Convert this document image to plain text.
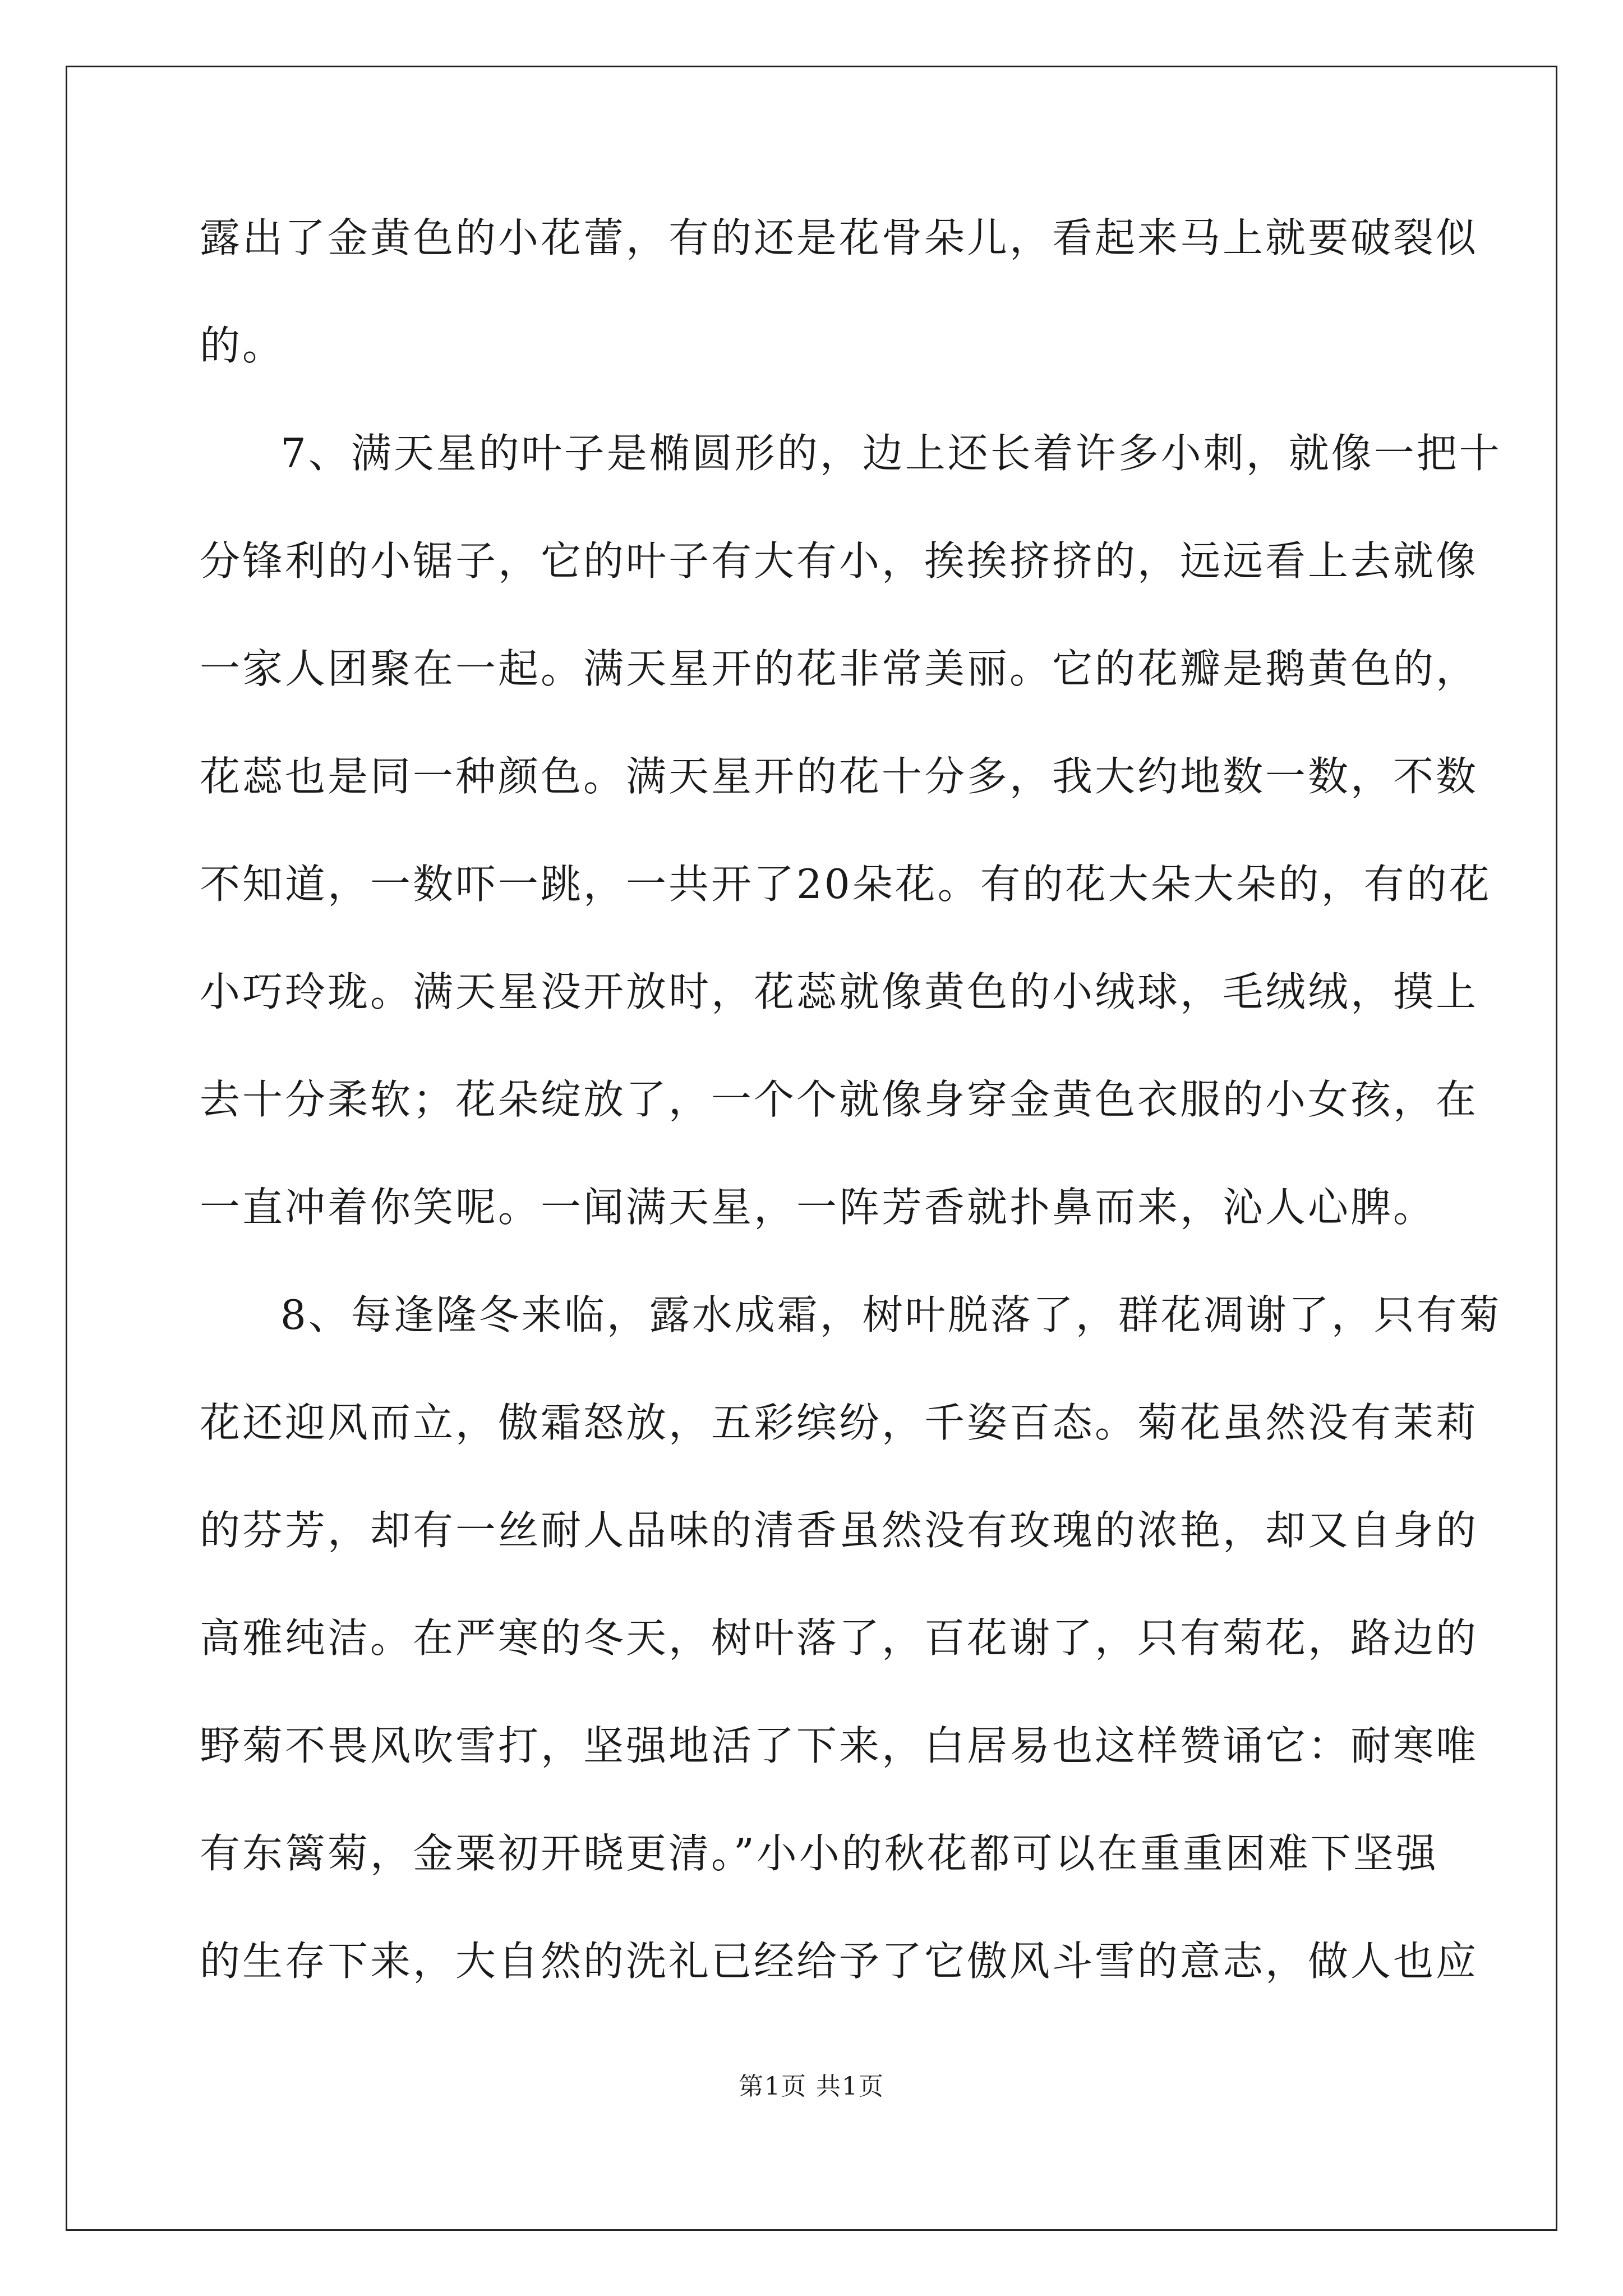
露出了金黄色的小花蕾，有的还是花骨朵儿，看起来马上就要破裂似
的。
7、满天星的叶子是椭圆形的，边上还长着许多小刺，就像一把十
分锋利的小锯子，它的叶子有大有小，挨挨挤挤的，远远看上去就像
一家人团聚在一起。满天星开的花非常美丽。它的花瓣是鹅黄色的，
花蕊也是同一种颜色。满天星开的花十分多，我大约地数一数，不数
不知道，一数吓一跳，一共开了20朵花。有的花大朵大朵的，有的花
小巧玲珑。满天星没开放时，花蕊就像黄色的小绒球，毛绒绒，摸上
去十分柔软；花朵绽放了，一个个就像身穿金黄色衣服的小女孩，在
一直冲着你笑呢。一闻满天星，一阵芳香就扑鼻而来，沁人心脾。
8、每逢隆冬来临，露水成霜，树叶脱落了，群花凋谢了，只有菊
花还迎风而立，傲霜怒放，五彩缤纷，千姿百态。菊花虽然没有茉莉
的芬芳，却有一丝耐人品味的清香虽然没有玫瑰的浓艳，却又自身的
高雅纯洁。在严寒的冬天，树叶落了，百花谢了，只有菊花，路边的
野菊不畏风吹雪打，坚强地活了下来，白居易也这样赞诵它：耐寒唯
有东篱菊，金粟初开晓更清。”小小的秋花都可以在重重困难下坚强
的生存下来，大自然的洗礼已经给予了它傲风斗雪的意志，做人也应
第1页 共1页
